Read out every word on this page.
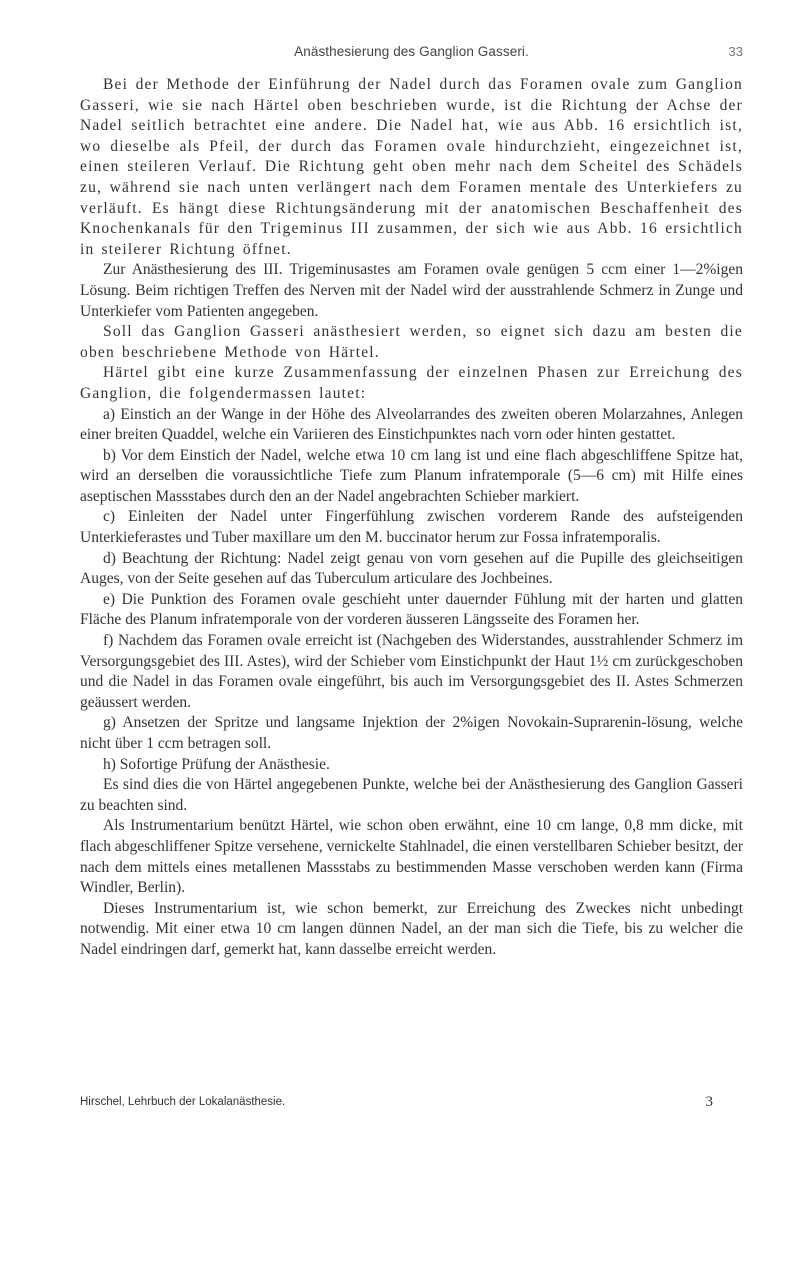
Anästhesierung des Ganglion Gasseri.	33

Bei der Methode der Einführung der Nadel durch das Foramen ovale zum Ganglion Gasseri, wie sie nach Härtel oben beschrieben wurde, ist die Richtung der Achse der Nadel seitlich betrachtet eine andere. Die Nadel hat, wie aus Abb. 16 ersichtlich ist, wo dieselbe als Pfeil, der durch das Foramen ovale hindurchzieht, eingezeichnet ist, einen steileren Verlauf. Die Richtung geht oben mehr nach dem Scheitel des Schädels zu, während sie nach unten verlängert nach dem Foramen mentale des Unterkiefers zu verläuft. Es hängt diese Richtungsänderung mit der anatomischen Beschaffenheit des Knochenkanals für den Trigeminus III zusammen, der sich wie aus Abb. 16 ersichtlich in steilerer Richtung öffnet.

Zur Anästhesierung des III. Trigeminusastes am Foramen ovale genügen 5 ccm einer 1—2%igen Lösung. Beim richtigen Treffen des Nerven mit der Nadel wird der ausstrahlende Schmerz in Zunge und Unterkiefer vom Patienten angegeben.

Soll das Ganglion Gasseri anästhesiert werden, so eignet sich dazu am besten die oben beschriebene Methode von Härtel.

Härtel gibt eine kurze Zusammenfassung der einzelnen Phasen zur Erreichung des Ganglion, die folgendermassen lautet:

a) Einstich an der Wange in der Höhe des Alveolarrandes des zweiten oberen Molarzahnes, Anlegen einer breiten Quaddel, welche ein Variieren des Einstichpunktes nach vorn oder hinten gestattet.

b) Vor dem Einstich der Nadel, welche etwa 10 cm lang ist und eine flach abgeschliffene Spitze hat, wird an derselben die voraussichtliche Tiefe zum Planum infratemporale (5—6 cm) mit Hilfe eines aseptischen Massstabes durch den an der Nadel angebrachten Schieber markiert.

c) Einleiten der Nadel unter Fingerfühlung zwischen vorderem Rande des aufsteigenden Unterkieferastes und Tuber maxillare um den M. buccinator herum zur Fossa infratemporalis.

d) Beachtung der Richtung: Nadel zeigt genau von vorn gesehen auf die Pupille des gleichseitigen Auges, von der Seite gesehen auf das Tuberculum articulare des Jochbeines.

e) Die Punktion des Foramen ovale geschieht unter dauernder Fühlung mit der harten und glatten Fläche des Planum infratemporale von der vorderen äusseren Längsseite des Foramen her.

f) Nachdem das Foramen ovale erreicht ist (Nachgeben des Widerstandes, ausstrahlender Schmerz im Versorgungsgebiet des III. Astes), wird der Schieber vom Einstichpunkt der Haut 1½ cm zurückgeschoben und die Nadel in das Foramen ovale eingeführt, bis auch im Versorgungsgebiet des II. Astes Schmerzen geäussert werden.

g) Ansetzen der Spritze und langsame Injektion der 2%igen Novokain-Suprarenin-lösung, welche nicht über 1 ccm betragen soll.

h) Sofortige Prüfung der Anästhesie.

Es sind dies die von Härtel angegebenen Punkte, welche bei der Anästhesierung des Ganglion Gasseri zu beachten sind.

Als Instrumentarium benützt Härtel, wie schon oben erwähnt, eine 10 cm lange, 0,8 mm dicke, mit flach abgeschliffener Spitze versehene, vernickelte Stahlnadel, die einen verstellbaren Schieber besitzt, der nach dem mittels eines metallenen Massstabs zu bestimmenden Masse verschoben werden kann (Firma Windler, Berlin).

Dieses Instrumentarium ist, wie schon bemerkt, zur Erreichung des Zweckes nicht unbedingt notwendig. Mit einer etwa 10 cm langen dünnen Nadel, an der man sich die Tiefe, bis zu welcher die Nadel eindringen darf, gemerkt hat, kann dasselbe erreicht werden.

Hirschel, Lehrbuch der Lokalanästhesie.	3
